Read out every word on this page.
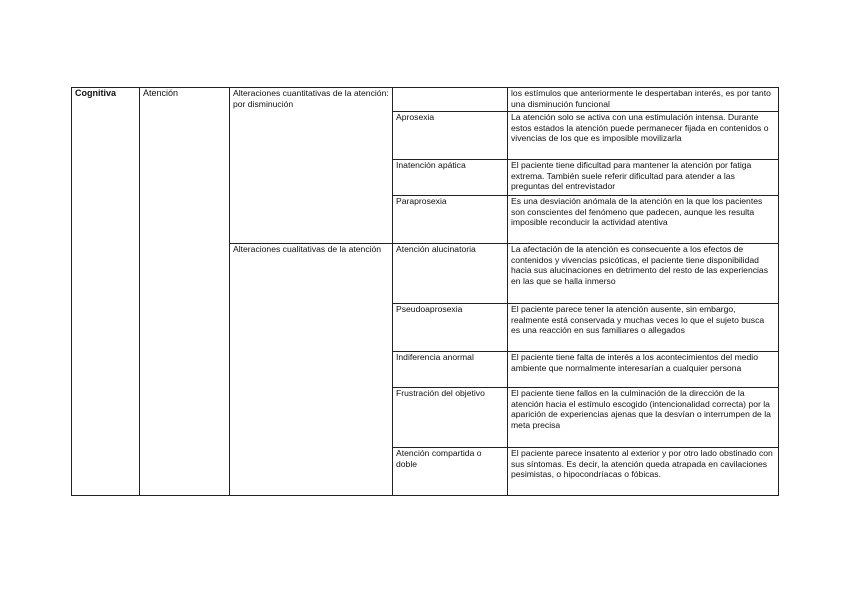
Cognitiva	Atención	Alteraciones cuantitativas de la atención: por disminución		los estímulos que anteriormente le despertaban interés, es por tanto una disminución funcional
			Aprosexia	La atención solo se activa con una estimulación intensa. Durante estos estados la atención puede permanecer fijada en contenidos o vivencias de los que es imposible movilizarla
			Inatención apática	El paciente tiene dificultad para mantener la atención por fatiga extrema. También suele referir dificultad para atender a las preguntas del entrevistador
			Paraprosexia	Es una desviación anómala de la atención en la que los pacientes son conscientes del fenómeno que padecen, aunque les resulta imposible reconducir la actividad atentiva
		Alteraciones cualitativas de la atención	Atención alucinatoria	La afectación de la atención es consecuente a los efectos de contenidos y vivencias psicóticas, el paciente tiene disponibilidad hacia sus alucinaciones en detrimento del resto de las experiencias en las que se halla inmerso
			Pseudoaprosexia	El paciente parece tener la atención ausente, sin embargo, realmente está conservada y muchas veces lo que el sujeto busca es una reacción en sus familiares o allegados
			Indiferencia anormal	El paciente tiene falta de interés a los acontecimientos del medio ambiente que normalmente interesarían a cualquier persona
			Frustración del objetivo	El paciente tiene fallos en la culminación de la dirección de la atención hacia el estímulo escogido (intencionalidad correcta) por la aparición de experiencias ajenas que la desvían o interrumpen de la meta precisa
			Atención compartida o doble	El paciente parece insatento al exterior y por otro lado obstinado con sus síntomas. Es decir, la atención queda atrapada en cavilaciones pesimistas, o hipocondríacas o fóbicas.
